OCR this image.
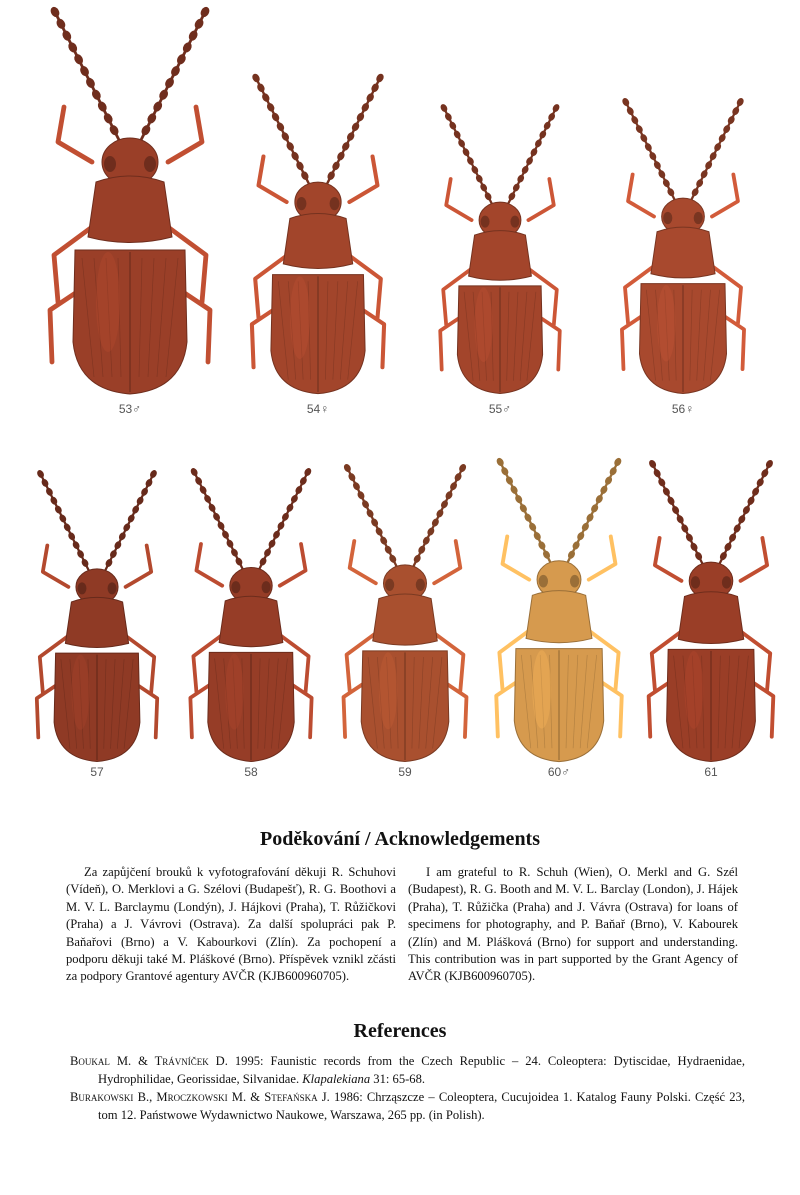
53♂	54♀	55♂	56♀
57	58	59	60♂	61
Poděkování / Acknowledgements

Za zapůjčení brouků k vyfotografování děkuji R. Schuhovi (Vídeň), O. Merklovi a G. Szélovi (Budapešť), R. G. Boothovi a M. V. L. Barclaymu (Londýn), J. Hájkovi (Praha), T. Růžičkovi (Praha) a J. Vávrovi (Ostrava). Za další spolupráci pak P. Baňařovi (Brno) a V. Kabourkovi (Zlín). Za pochopení a podporu děkuji také M. Pláškové (Brno). Příspěvek vznikl zčásti za podpory Grantové agentury AVČR (KJB600960705).

I am grateful to R. Schuh (Wien), O. Merkl and G. Szél (Budapest), R. G. Booth and M. V. L. Barclay (London), J. Hájek (Praha), T. Růžička (Praha) and J. Vávra (Ostrava) for loans of specimens for photography, and P. Baňař (Brno), V. Kabourek (Zlín) and M. Plášková (Brno) for support and understanding. This contribution was in part supported by the Grant Agency of AVČR (KJB600960705).

References
Boukal M. & Trávníček D. 1995: Faunistic records from the Czech Republic – 24. Coleoptera: Dytiscidae, Hydraenidae, Hydrophilidae, Georissidae, Silvanidae. Klapalekiana 31: 65-68.
Burakowski B., Mroczkowski M. & Stefańska J. 1986: Chrząszcze – Coleoptera, Cucujoidea 1. Katalog Fauny Polski. Część 23, tom 12. Państwowe Wydawnictwo Naukowe, Warszawa, 265 pp. (in Polish).
